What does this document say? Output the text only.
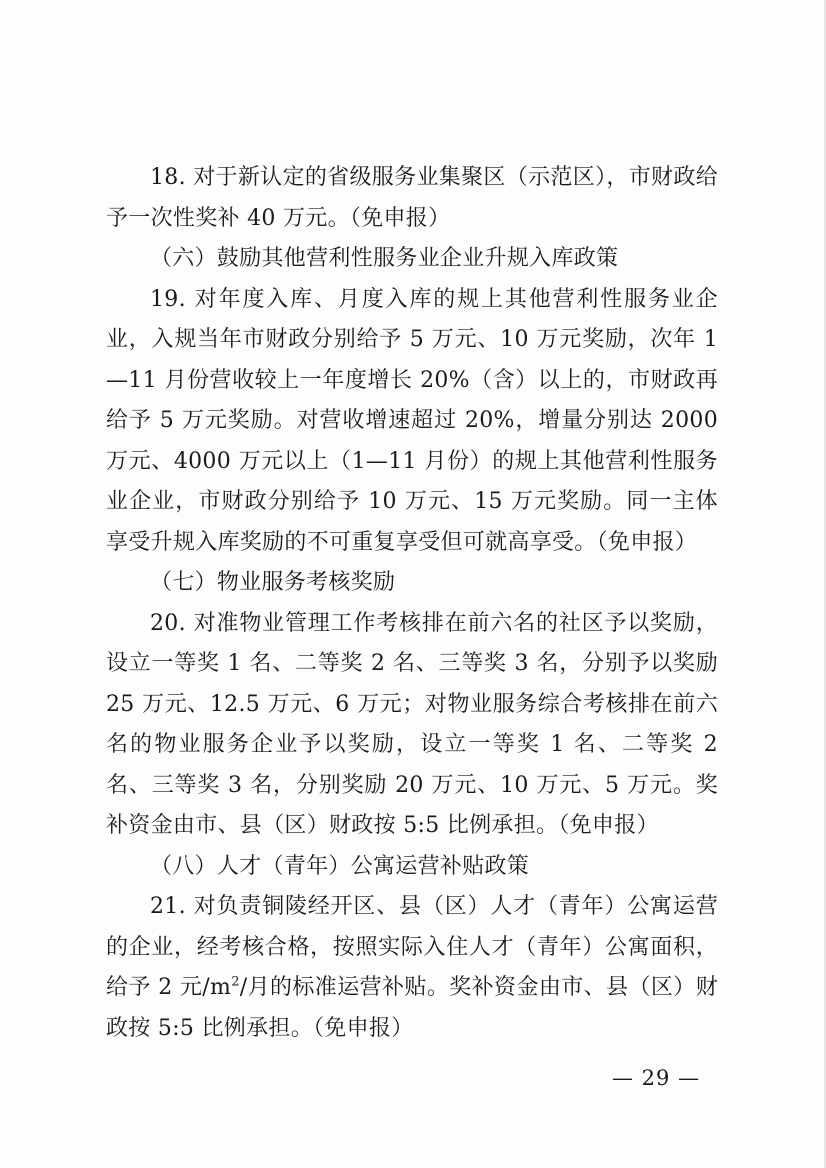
18. 对于新认定的省级服务业集聚区（示范区），市财政给予一次性奖补 40 万元。（免申报）

（六）鼓励其他营利性服务业企业升规入库政策

19. 对年度入库、月度入库的规上其他营利性服务业企业，入规当年市财政分别给予 5 万元、10 万元奖励，次年 1—11 月份营收较上一年度增长 20%（含）以上的，市财政再给予 5 万元奖励。对营收增速超过 20%，增量分别达 2000 万元、4000 万元以上（1—11 月份）的规上其他营利性服务业企业，市财政分别给予 10 万元、15 万元奖励。同一主体享受升规入库奖励的不可重复享受但可就高享受。（免申报）

（七）物业服务考核奖励

20. 对准物业管理工作考核排在前六名的社区予以奖励，设立一等奖 1 名、二等奖 2 名、三等奖 3 名，分别予以奖励 25 万元、12.5 万元、6 万元；对物业服务综合考核排在前六名的物业服务企业予以奖励，设立一等奖 1 名、二等奖 2 名、三等奖 3 名，分别奖励 20 万元、10 万元、5 万元。奖补资金由市、县（区）财政按 5:5 比例承担。（免申报）

（八）人才（青年）公寓运营补贴政策

21. 对负责铜陵经开区、县（区）人才（青年）公寓运营的企业，经考核合格，按照实际入住人才（青年）公寓面积，给予 2 元$/m^2/$月的标准运营补贴。奖补资金由市、县（区）财政按 5:5 比例承担。（免申报）

— 29 —
